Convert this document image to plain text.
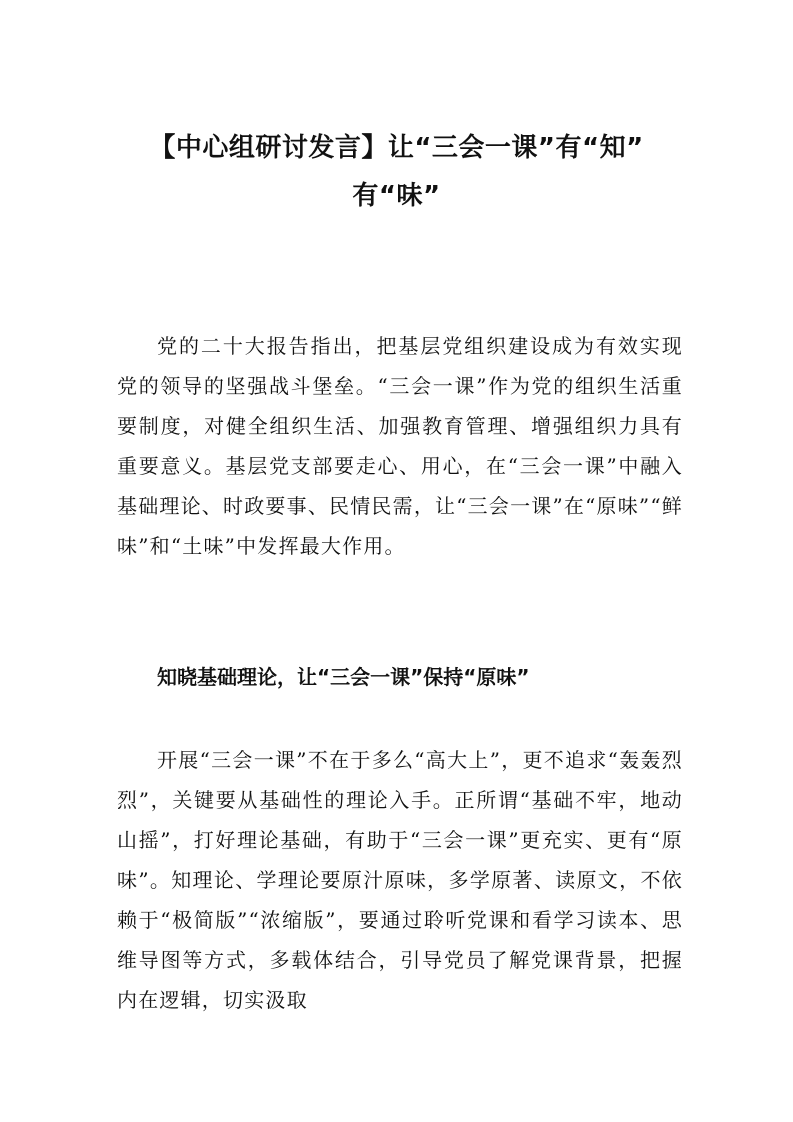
【中心组研讨发言】让“三会一课”有“知”
有“味”

党的二十大报告指出，把基层党组织建设成为有效实现党的领导的坚强战斗堡垒。“三会一课”作为党的组织生活重要制度，对健全组织生活、加强教育管理、增强组织力具有重要意义。基层党支部要走心、用心，在“三会一课”中融入基础理论、时政要事、民情民需，让“三会一课”在“原味”“鲜味”和“土味”中发挥最大作用。

知晓基础理论，让“三会一课”保持“原味”

开展“三会一课”不在于多么“高大上”，更不追求“轰轰烈烈”，关键要从基础性的理论入手。正所谓“基础不牢，地动山摇”，打好理论基础，有助于“三会一课”更充实、更有“原味”。知理论、学理论要原汁原味，多学原著、读原文，不依赖于“极简版”“浓缩版”，要通过聆听党课和看学习读本、思维导图等方式，多载体结合，引导党员了解党课背景，把握内在逻辑，切实汲取
